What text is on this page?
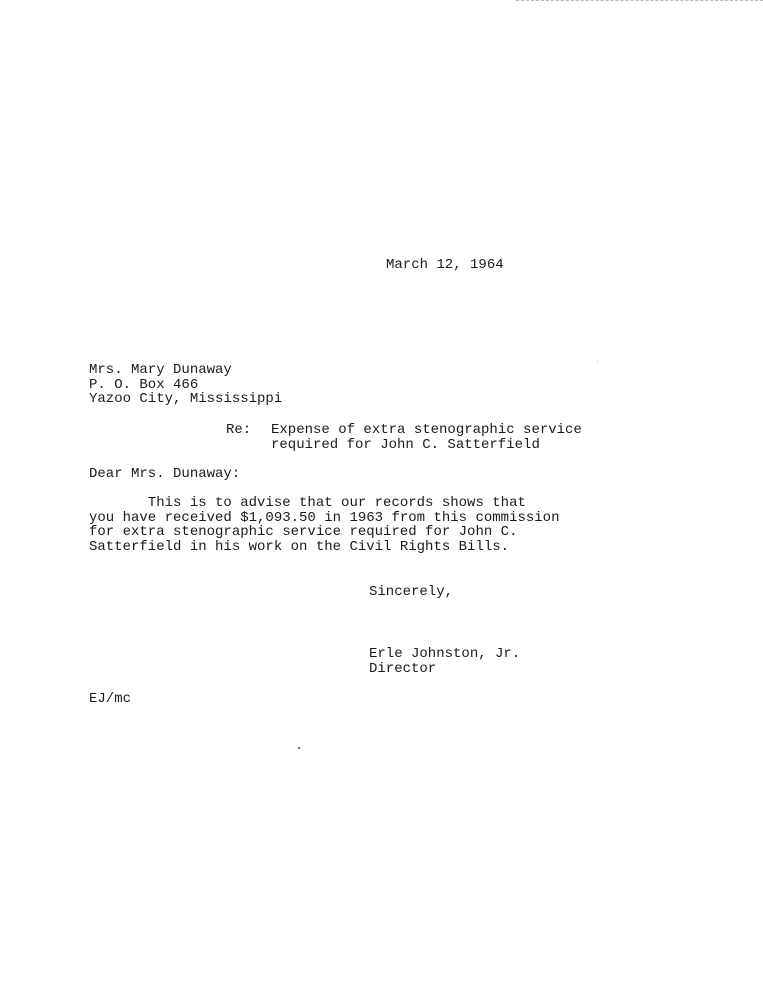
March 12, 1964
Mrs. Mary Dunaway
P. O. Box 466
Yazoo City, Mississippi
Re: Expense of extra stenographic service
required for John C. Satterfield
Dear Mrs. Dunaway:
This is to advise that our records shows that
you have received $1,093.50 in 1963 from this commission
for extra stenographic service required for John C.
Satterfield in his work on the Civil Rights Bills.
Sincerely,
Erle Johnston, Jr.
Director
EJ/mc
